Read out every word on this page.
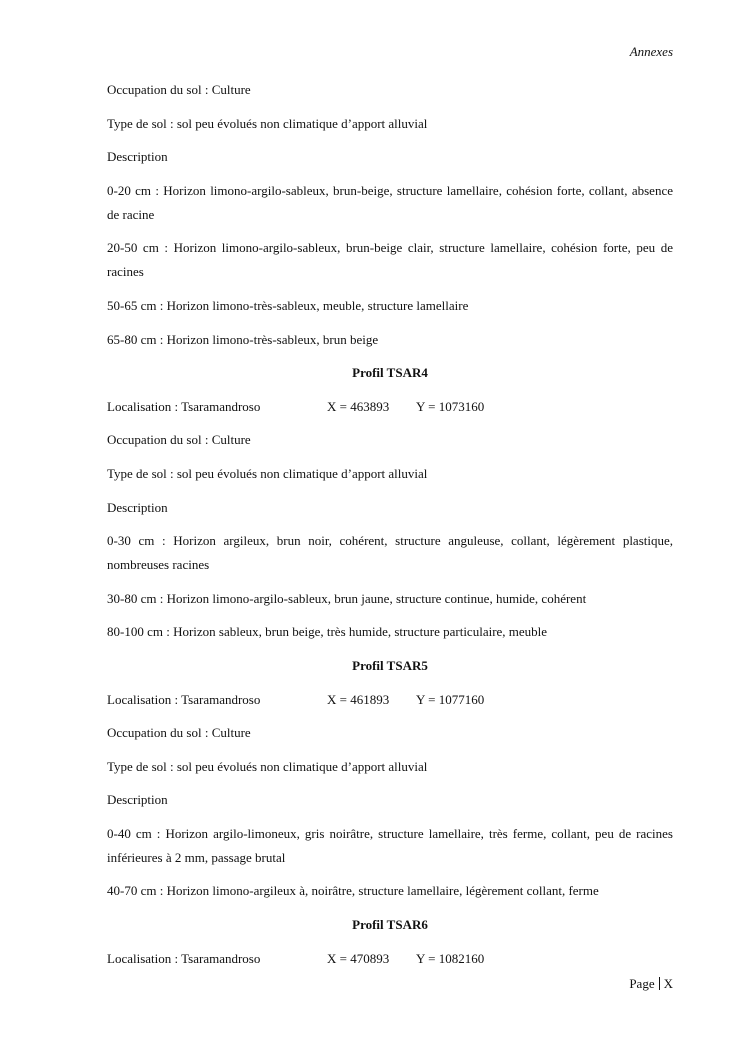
Annexes

Occupation du sol : Culture

Type de sol : sol peu évolués non climatique d’apport alluvial

Description

0-20 cm : Horizon limono-argilo-sableux, brun-beige, structure lamellaire, cohésion forte, collant, absence de racine

20-50 cm : Horizon limono-argilo-sableux, brun-beige clair, structure lamellaire, cohésion forte, peu de racines

50-65 cm : Horizon limono-très-sableux, meuble, structure lamellaire

65-80 cm : Horizon limono-très-sableux, brun beige

Profil TSAR4

Localisation : Tsaramandroso	X = 463893	Y = 1073160

Occupation du sol : Culture

Type de sol : sol peu évolués non climatique d’apport alluvial

Description

0-30 cm : Horizon argileux, brun noir, cohérent, structure anguleuse, collant, légèrement plastique, nombreuses racines

30-80 cm : Horizon limono-argilo-sableux, brun jaune, structure continue, humide, cohérent

80-100 cm : Horizon sableux, brun beige, très humide, structure particulaire, meuble

Profil TSAR5

Localisation : Tsaramandroso	X = 461893	Y = 1077160

Occupation du sol : Culture

Type de sol : sol peu évolués non climatique d’apport alluvial

Description

0-40 cm : Horizon argilo-limoneux, gris noirâtre, structure lamellaire, très ferme, collant, peu de racines inférieures à 2 mm, passage brutal

40-70 cm : Horizon limono-argileux à, noirâtre, structure lamellaire, légèrement collant, ferme

Profil TSAR6

Localisation : Tsaramandroso	X = 470893	Y = 1082160
Page X
